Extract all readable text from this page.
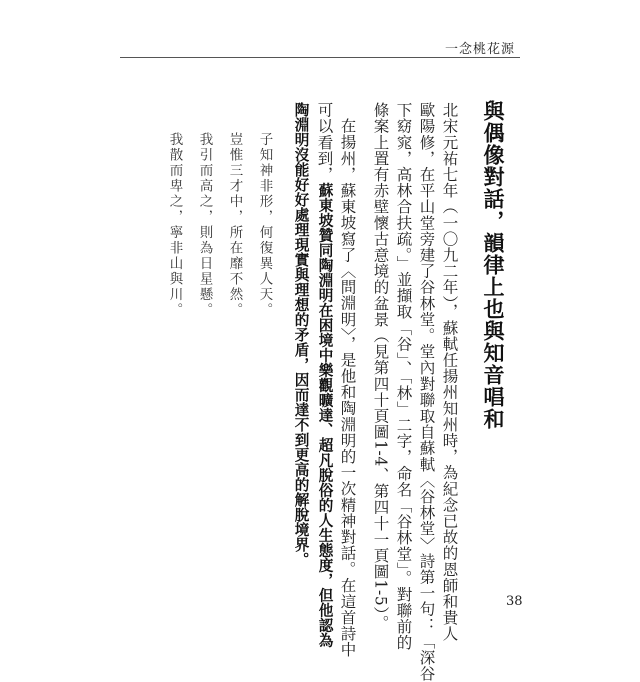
一念桃花源
與偶像對話，韻律上也與知音唱和
北宋元祐七年（一〇九二年），蘇軾任揚州知州時，為紀念已故的恩師和貴人
歐陽修，在平山堂旁建了谷林堂。堂內對聯取自蘇軾〈谷林堂〉詩第一句：「深谷
下窈窕，高林合扶疏。」並擷取「谷」、「林」二字，命名「谷林堂」。對聯前的
條案上置有赤壁懷古意境的盆景（見第四十頁圖1-4、第四十一頁圖1-5）。
在揚州，蘇東坡寫了〈問淵明〉，是他和陶淵明的一次精神對話。在這首詩中
可以看到，蘇東坡贊同陶淵明在困境中樂觀曠達、超凡脫俗的人生態度，但他認為
陶淵明沒能好好處理現實與理想的矛盾，因而達不到更高的解脫境界。
子知神非形，何復異人天。
豈惟三才中，所在靡不然。
我引而高之，則為日星懸。
我散而卑之，寧非山與川。
38
